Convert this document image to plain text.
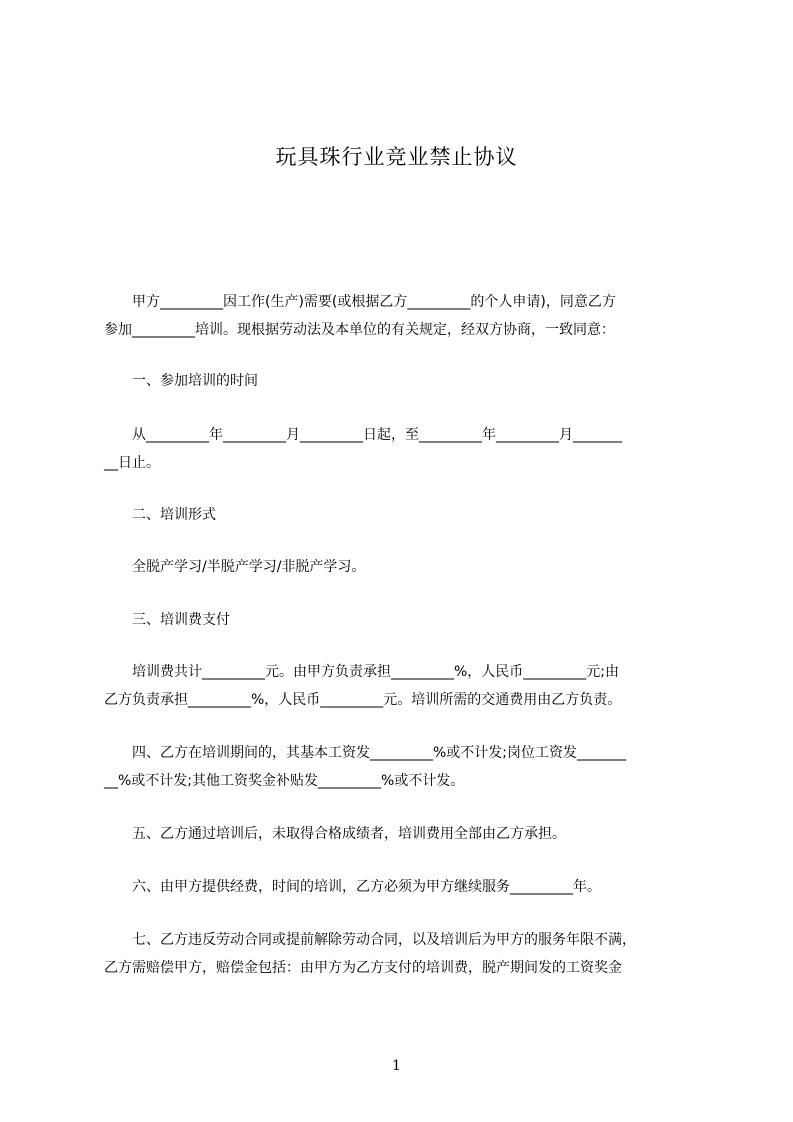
玩具珠行业竞业禁止协议
　　甲方_________因工作(生产)需要(或根据乙方_________的个人申请)，同意乙方
参加_________培训。现根据劳动法及本单位的有关规定，经双方协商，一致同意：
　　一、参加培训的时间
　　从_________年_________月_________日起，至_________年_________月_______
__日止。
　　二、培训形式
　　全脱产学习/半脱产学习/非脱产学习。
　　三、培训费支付
　　培训费共计_________元。由甲方负责承担_________%，人民币_________元;由
乙方负责承担_________%，人民币_________元。培训所需的交通费用由乙方负责。
　　四、乙方在培训期间的，其基本工资发_________%或不计发;岗位工资发_______
__%或不计发;其他工资奖金补贴发_________%或不计发。
　　五、乙方通过培训后，未取得合格成绩者，培训费用全部由乙方承担。
　　六、由甲方提供经费，时间的培训，乙方必须为甲方继续服务_________年。
　　七、乙方违反劳动合同或提前解除劳动合同，以及培训后为甲方的服务年限不满，
乙方需赔偿甲方，赔偿金包括：由甲方为乙方支付的培训费，脱产期间发的工资奖金
1
